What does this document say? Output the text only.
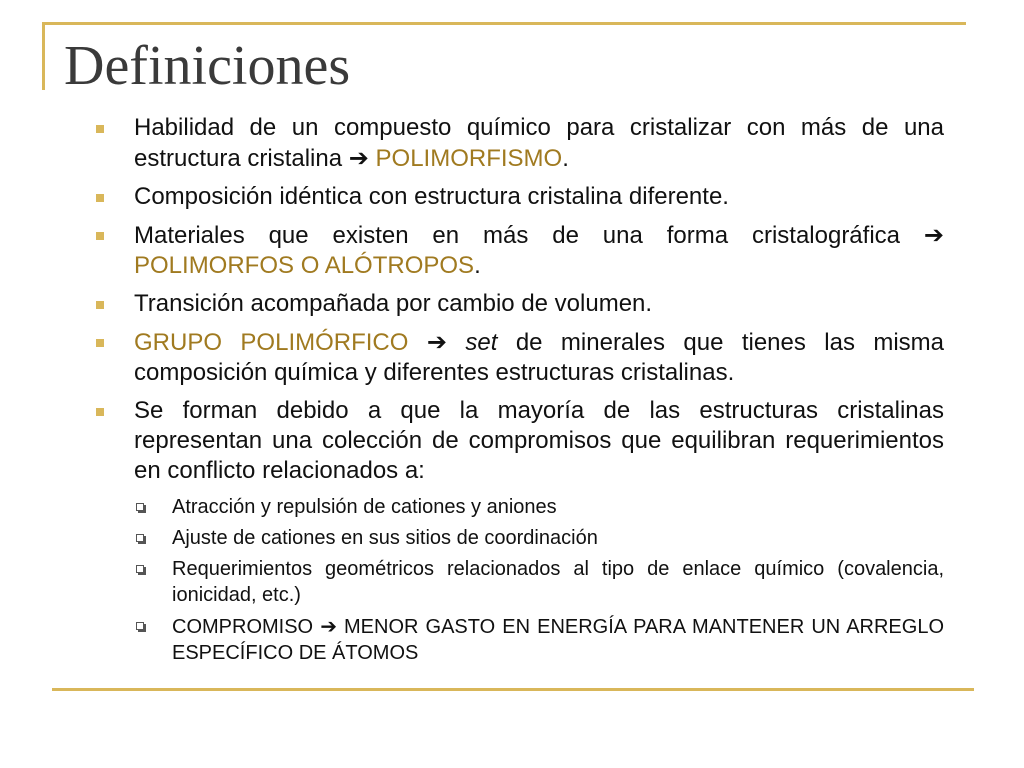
Definiciones

Habilidad de un compuesto químico para cristalizar con más de una estructura cristalina ➔ POLIMORFISMO.

Composición idéntica con estructura cristalina diferente.

Materiales que existen en más de una forma cristalográfica ➔ POLIMORFOS O ALÓTROPOS.

Transición acompañada por cambio de volumen.

GRUPO POLIMÓRFICO ➔ set de minerales que tienes las misma composición química y diferentes estructuras cristalinas.

Se forman debido a que la mayoría de las estructuras cristalinas representan una colección de compromisos que equilibran requerimientos en conflicto relacionados a:

Atracción y repulsión de cationes y aniones

Ajuste de cationes en sus sitios de coordinación

Requerimientos geométricos relacionados al tipo de enlace químico (covalencia, ionicidad, etc.)

COMPROMISO ➔ MENOR GASTO EN ENERGÍA PARA MANTENER UN ARREGLO ESPECÍFICO DE ÁTOMOS
